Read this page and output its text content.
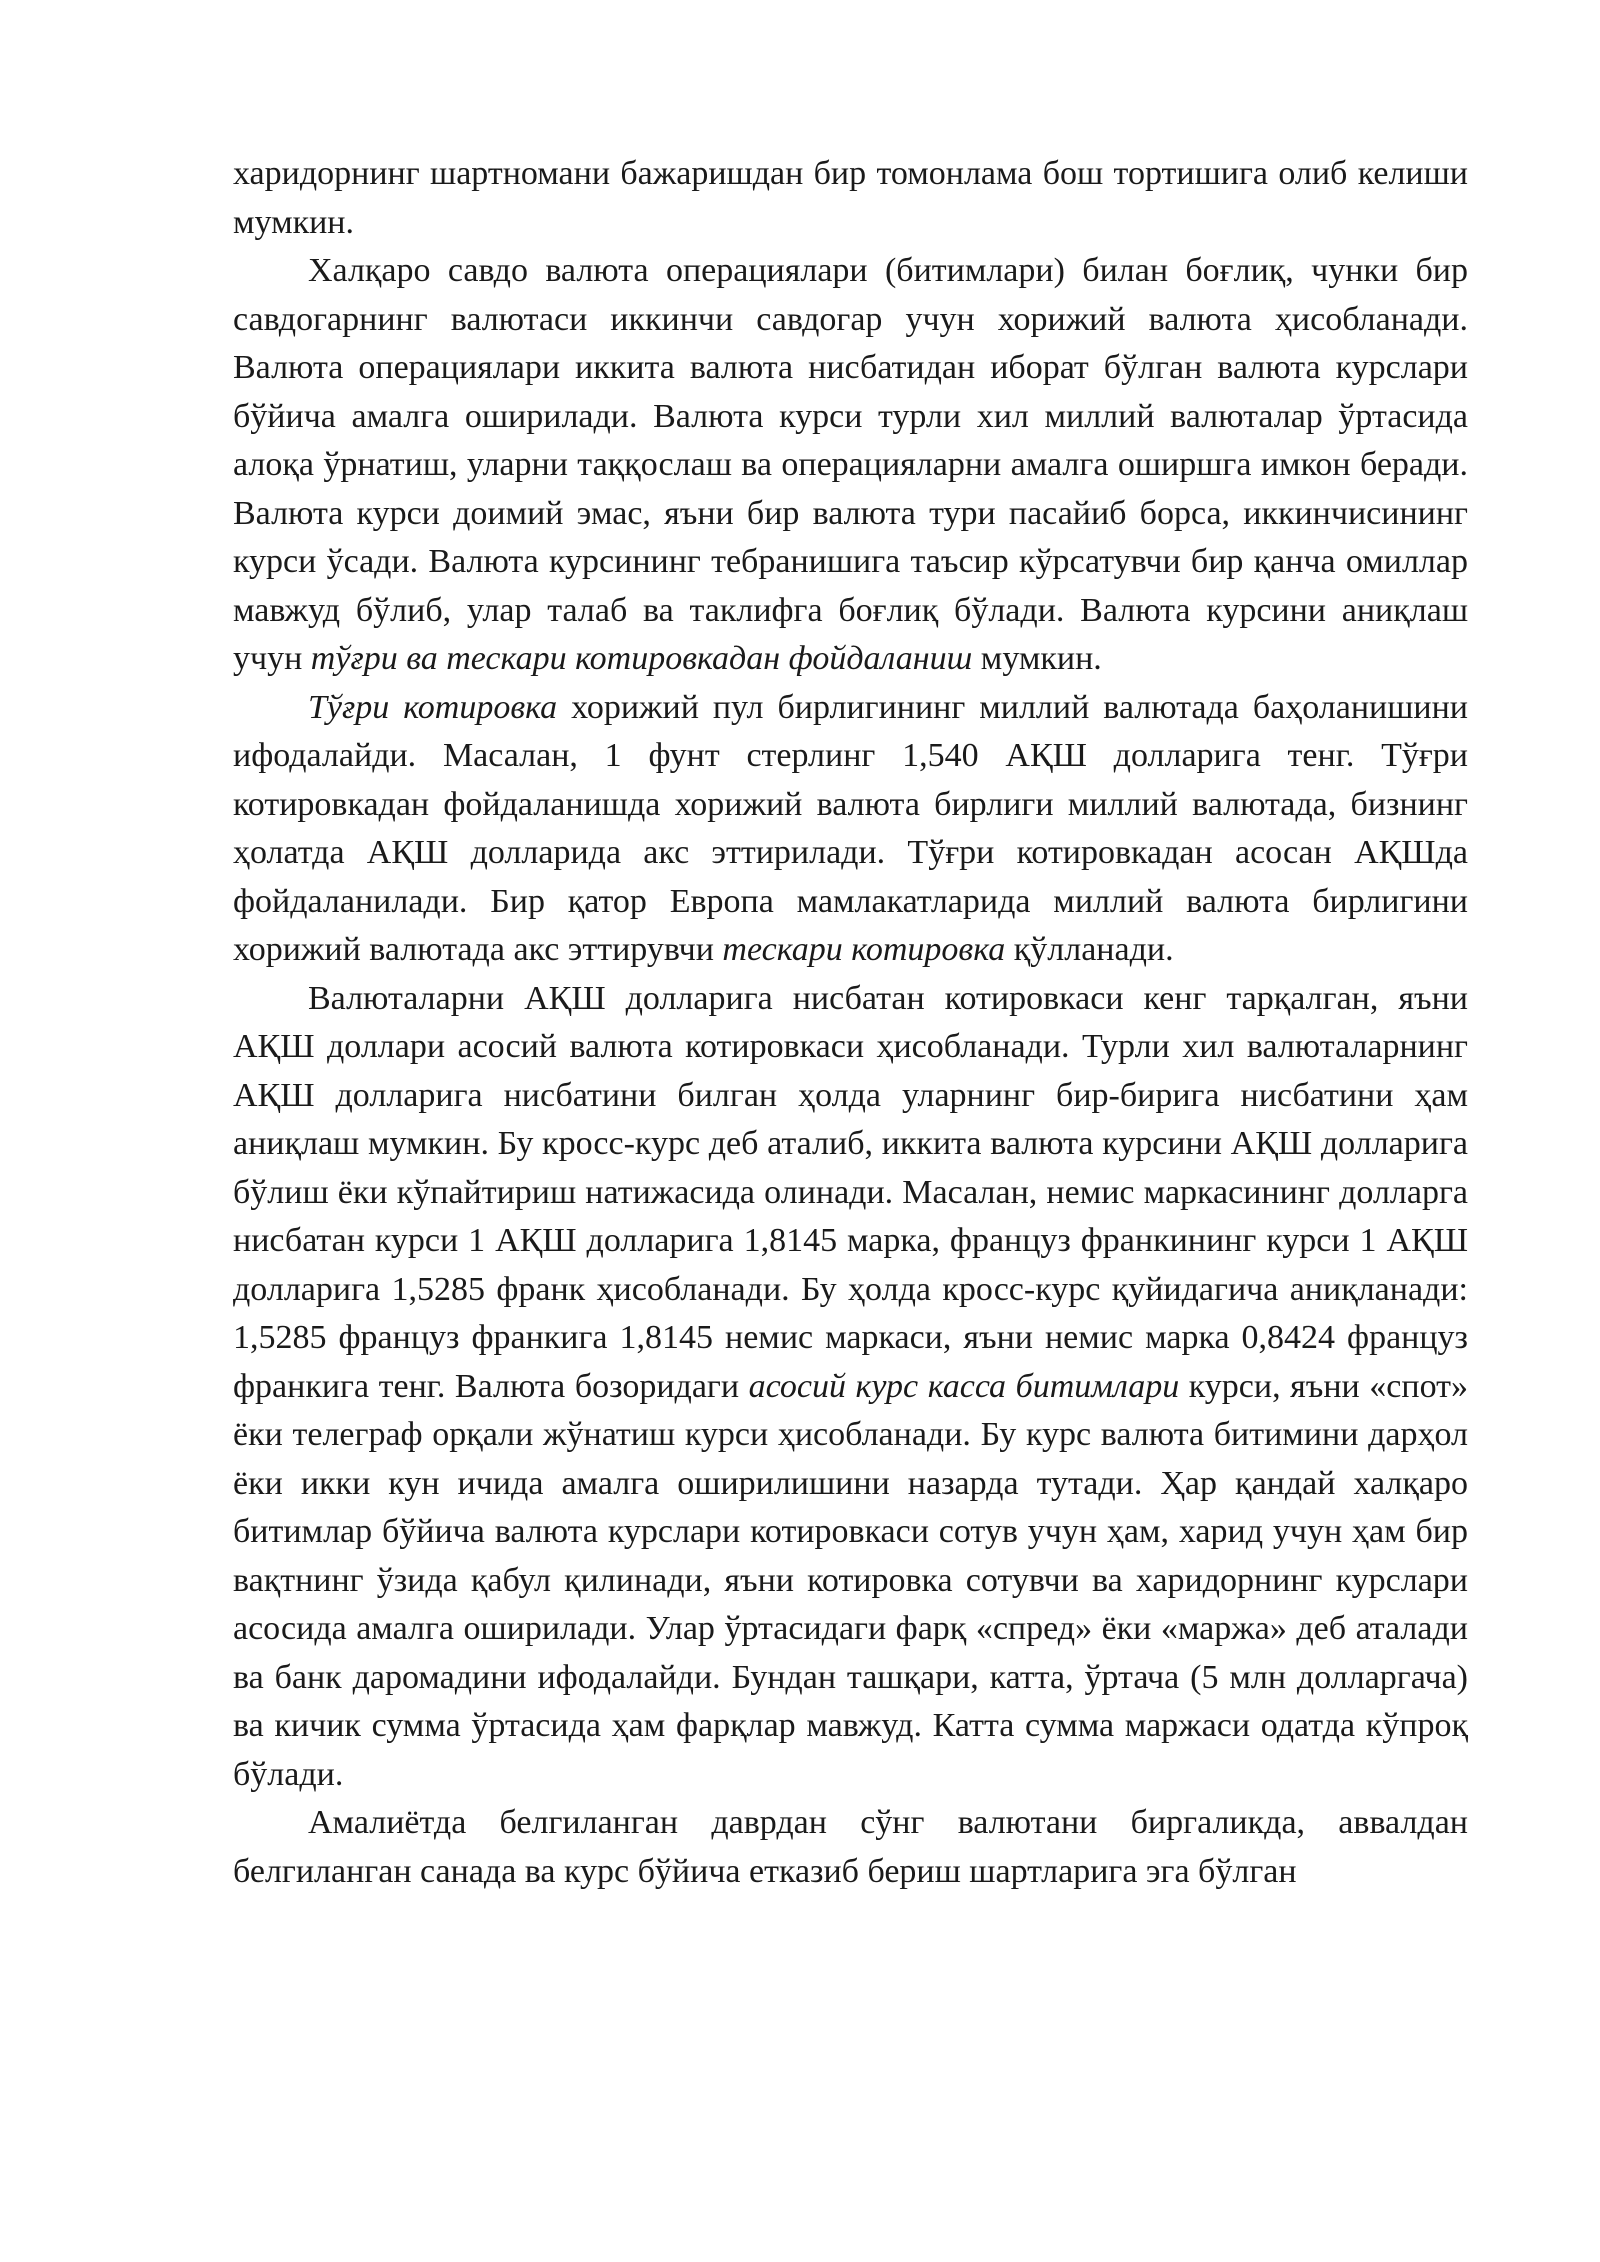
харидорнинг шартномани бажаришдан бир томонлама бош тортишига олиб келиши мумкин.

Халқаро савдо валюта операциялари (битимлари) билан боғлиқ, чунки бир савдогарнинг валютаси иккинчи савдогар учун хорижий валюта ҳисобланади. Валюта операциялари иккита валюта нисбатидан иборат бўлган валюта курслари бўйича амалга оширилади. Валюта курси турли хил миллий валюталар ўртасида алоқа ўрнатиш, уларни таққослаш ва операцияларни амалга оширшга имкон беради. Валюта курси доимий эмас, яъни бир валюта тури пасайиб борса, иккинчисининг курси ўсади. Валюта курсининг тебранишига таъсир кўрсатувчи бир қанча омиллар мавжуд бўлиб, улар талаб ва таклифга боғлиқ бўлади. Валюта курсини аниқлаш учун тўғри ва тескари котировкадан фойдаланиш мумкин.

Тўғри котировка хорижий пул бирлигининг миллий валютада баҳоланишини ифодалайди. Масалан, 1 фунт стерлинг 1,540 АҚШ долларига тенг. Тўғри котировкадан фойдаланишда хорижий валюта бирлиги миллий валютада, бизнинг ҳолатда АҚШ долларида акс эттирилади. Тўғри котировкадан асосан АҚШда фойдаланилади. Бир қатор Европа мамлакатларида миллий валюта бирлигини хорижий валютада акс эттирувчи тескари котировка қўлланади.

Валюталарни АҚШ долларига нисбатан котировкаси кенг тарқалган, яъни АҚШ доллари асосий валюта котировкаси ҳисобланади. Турли хил валюталарнинг АҚШ долларига нисбатини билган ҳолда уларнинг бир-бирига нисбатини ҳам аниқлаш мумкин. Бу кросс-курс деб аталиб, иккита валюта курсини АҚШ долларига бўлиш ёки кўпайтириш натижасида олинади. Масалан, немис маркасининг долларга нисбатан курси 1 АҚШ долларига 1,8145 марка, француз франкининг курси 1 АҚШ долларига 1,5285 франк ҳисобланади. Бу ҳолда кросс-курс қуйидагича аниқланади: 1,5285 француз франкига 1,8145 немис маркаси, яъни немис марка 0,8424 француз франкига тенг. Валюта бозоридаги асосий курс касса битимлари курси, яъни «спот» ёки телеграф орқали жўнатиш курси ҳисобланади. Бу курс валюта битимини дарҳол ёки икки кун ичида амалга оширилишини назарда тутади. Ҳар қандай халқаро битимлар бўйича валюта курслари котировкаси сотув учун ҳам, харид учун ҳам бир вақтнинг ўзида қабул қилинади, яъни котировка сотувчи ва харидорнинг курслари асосида амалга оширилади. Улар ўртасидаги фарқ «спред» ёки «маржа» деб аталади ва банк даромадини ифодалайди. Бундан ташқари, катта, ўртача (5 млн долларгача) ва кичик сумма ўртасида ҳам фарқлар мавжуд. Катта сумма маржаси одатда кўпроқ бўлади.

Амалиётда белгиланган даврдан сўнг валютани биргаликда, аввалдан белгиланган санада ва курс бўйича етказиб бериш шартларига эга бўлган
